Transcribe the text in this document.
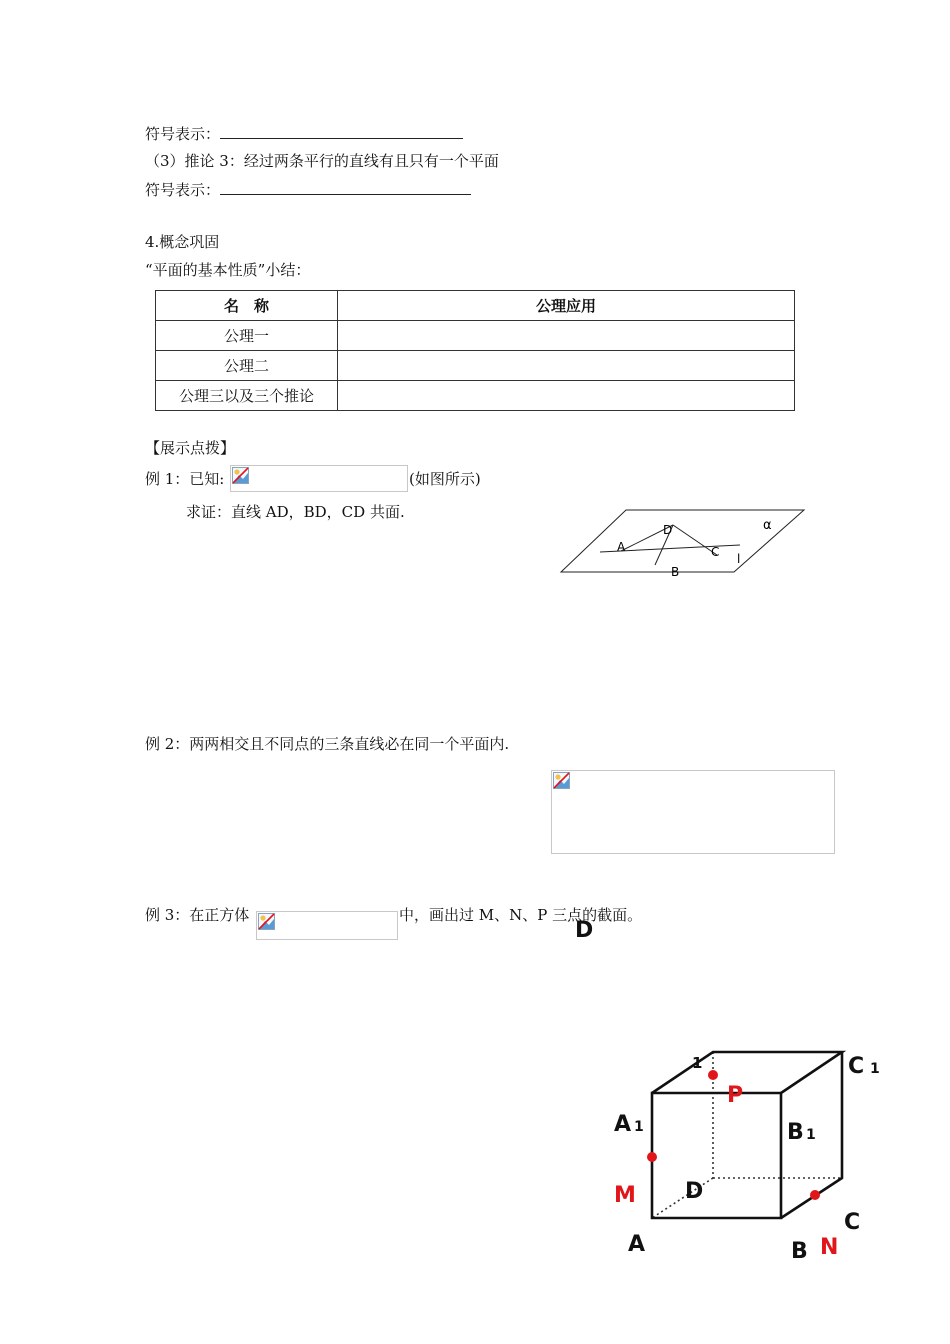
符号表示：
（3）推论 3：经过两条平行的直线有且只有一个平面
符号表示：
4.概念巩固
“平面的基本性质”小结：
名　称	公理应用
公理一	
公理二	
公理三以及三个推论	
【展示点拨】
例 1：已知:	(如图所示)
求证：直线 AD，BD，CD 共面.
D
A	C
B
α
l
例 2：两两相交且不同点的三条直线必在同一个平面内.
例 3：在正方体	中，画出过 M、N、P 三点的截面。
D
1	C 1
P
A 1	B 1
M D
C
A	B N
